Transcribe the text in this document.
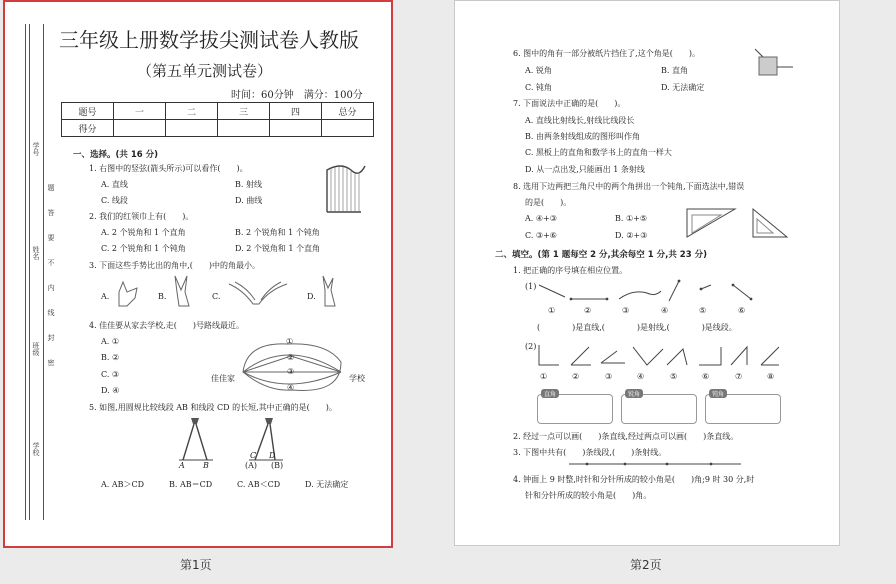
学号
姓名
班级
学校
题
答
要
不
内
线
封
密
三年级上册数学拔尖测试卷人教版
（第五单元测试卷）
时间：60分钟　满分：100分
题号	一	二	三	四	总分
得分					
一、选择。(共 16 分)
1. 右图中的竖弦(箭头所示)可以看作(　　)。
A. 直线	B. 射线
C. 线段	D. 曲线
2. 我们的红领巾上有(　　)。
A. 2 个锐角和 1 个直角	B. 2 个锐角和 1 个钝角
C. 2 个锐角和 1 个钝角	D. 2 个锐角和 1 个直角
3. 下面这些手势比出的角中,(　　)中的角最小。
A.	B.	C.	D.
4. 佳佳要从家去学校,走(　　)号路线最近。
A. ①
B. ②
C. ③
D. ④
佳佳家	学校
①
②
③
④
5. 如图,用圆规比较线段 AB 和线段 CD 的长短,其中正确的是(　　)。
A B
C D
(A) (B)
A. AB＞CD	B. AB＝CD	C. AB＜CD	D. 无法确定
6. 图中的角有一部分被纸片挡住了,这个角是(　　)。
A. 锐角	B. 直角
C. 钝角	D. 无法确定
7. 下面说法中正确的是(　　)。
A. 直线比射线长,射线比线段长
B. 由两条射线组成的图形叫作角
C. 黑板上的直角和数学书上的直角一样大
D. 从一点出发,只能画出 1 条射线
8. 选用下边两把三角尺中的两个角拼出一个钝角,下面选法中,错误
的是(　　)。
A. ④+③	B. ①+⑤
C. ③+⑥	D. ②+③
二、填空。(第 1 题每空 2 分,其余每空 1 分,共 23 分)
1. 把正确的序号填在相应位置。
(1)
①	②	③	④	⑤	⑥
(　　　　)是直线,(　　　　)是射线,(　　　　)是线段。
(2)
①	②	③	④	⑤	⑥	⑦	⑧
直角	锐角	钝角
2. 经过一点可以画(　　)条直线,经过两点可以画(　　)条直线。
3. 下图中共有(　　)条线段,(　　)条射线。
4. 钟面上 9 时整,时针和分针所成的较小角是(　　)角;9 时 30 分,时
针和分针所成的较小角是(　　)角。
第1页	第2页
